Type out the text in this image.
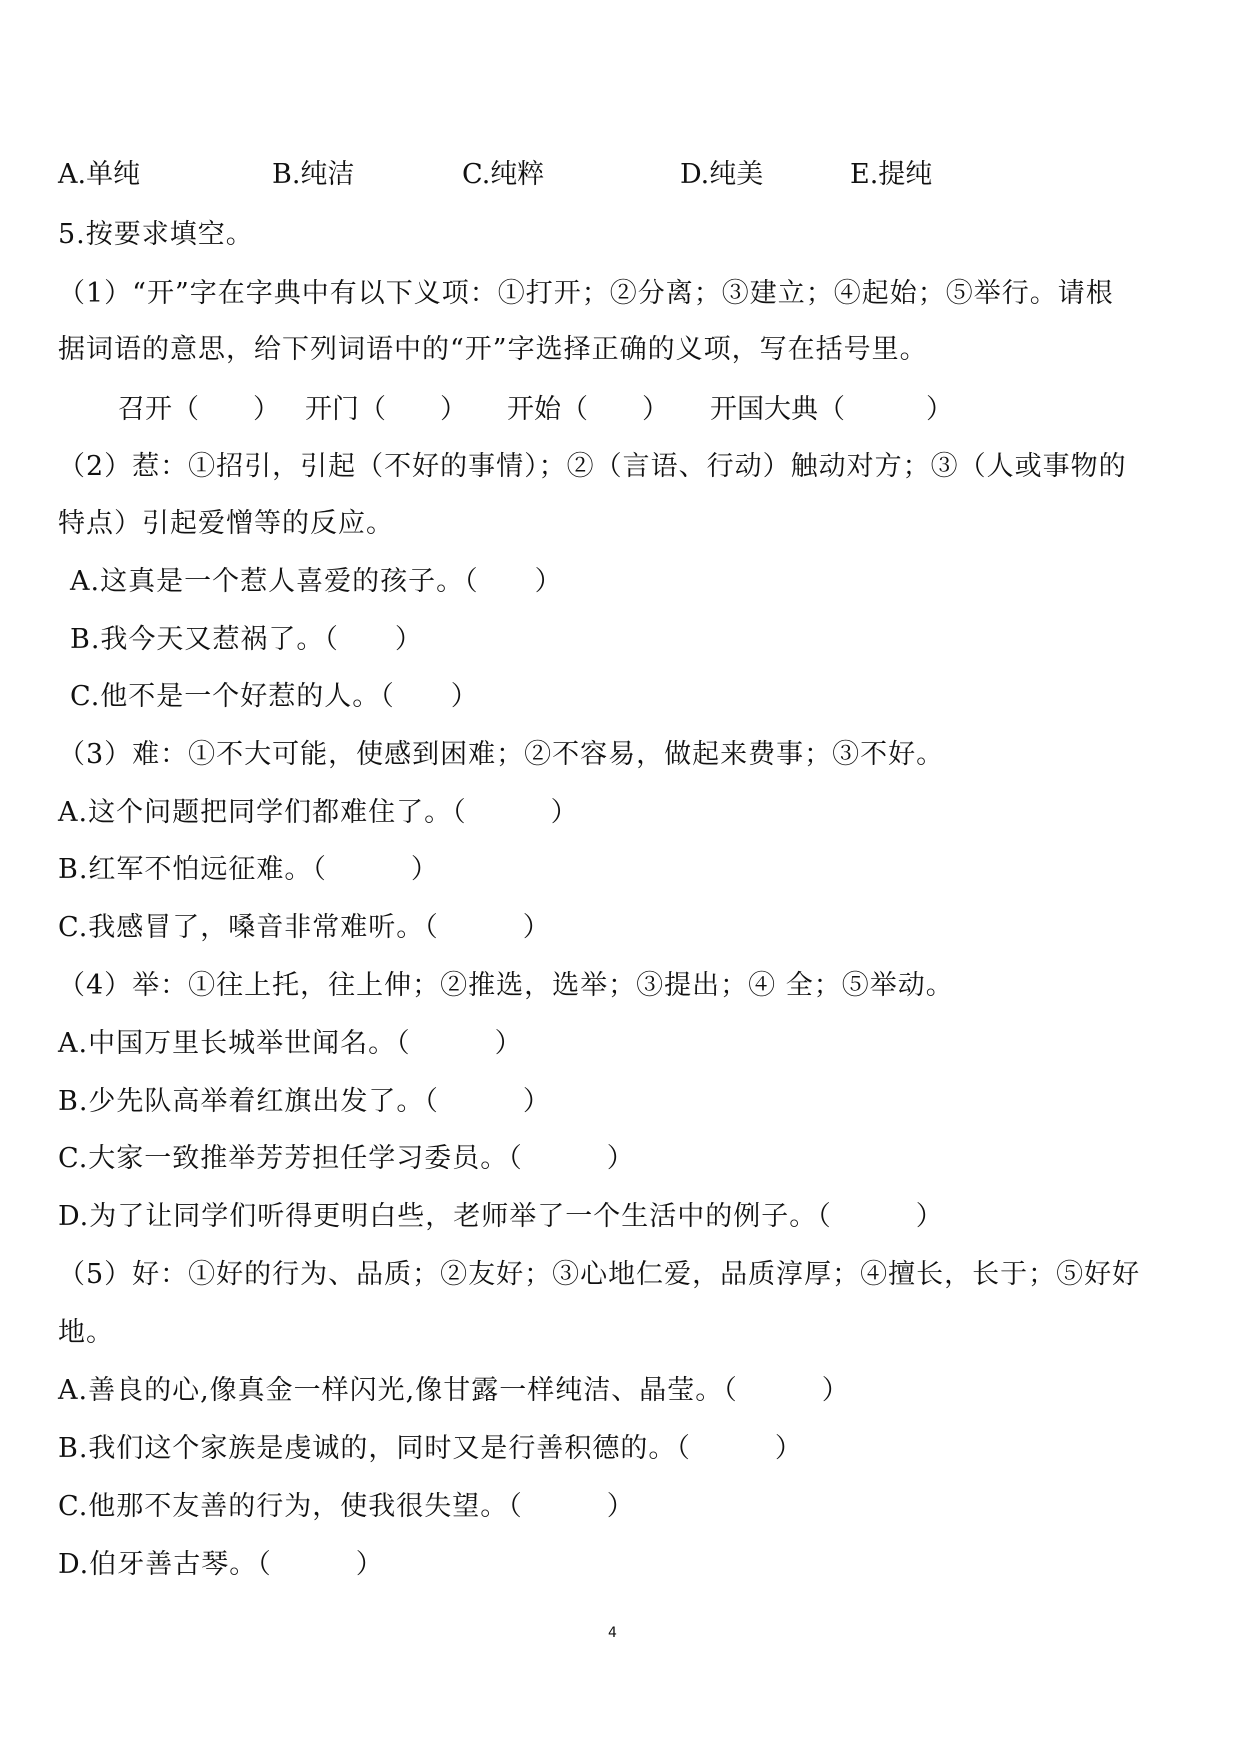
A.单纯	B.纯洁	C.纯粹	D.纯美	E.提纯
5.按要求填空。
（1）“开”字在字典中有以下义项：①打开；②分离；③建立；④起始；⑤举行。请根
据词语的意思，给下列词语中的“开”字选择正确的义项，写在括号里。
召开（　　） 开门（　　） 开始（　　） 开国大典（　　　）
（2）惹：①招引，引起（不好的事情）；②（言语、行动）触动对方；③（人或事物的
特点）引起爱憎等的反应。
A.这真是一个惹人喜爱的孩子。（　　）
B.我今天又惹祸了。（　　）
C.他不是一个好惹的人。（　　）
（3）难：①不大可能，使感到困难；②不容易，做起来费事；③不好。
A.这个问题把同学们都难住了。（　　　）
B.红军不怕远征难。（　　　）
C.我感冒了，嗓音非常难听。（　　　）
（4）举：①往上托，往上伸；②推选，选举；③提出；④ 全；⑤举动。
A.中国万里长城举世闻名。（　　　）
B.少先队高举着红旗出发了。（　　　）
C.大家一致推举芳芳担任学习委员。（　　　）
D.为了让同学们听得更明白些，老师举了一个生活中的例子。（　　　）
（5）好：①好的行为、品质；②友好；③心地仁爱，品质淳厚；④擅长，长于；⑤好好
地。
A.善良的心,像真金一样闪光,像甘露一样纯洁、晶莹。（　　　）
B.我们这个家族是虔诚的，同时又是行善积德的。（　　　）
C.他那不友善的行为，使我很失望。（　　　）
D.伯牙善古琴。（　　　）
4
